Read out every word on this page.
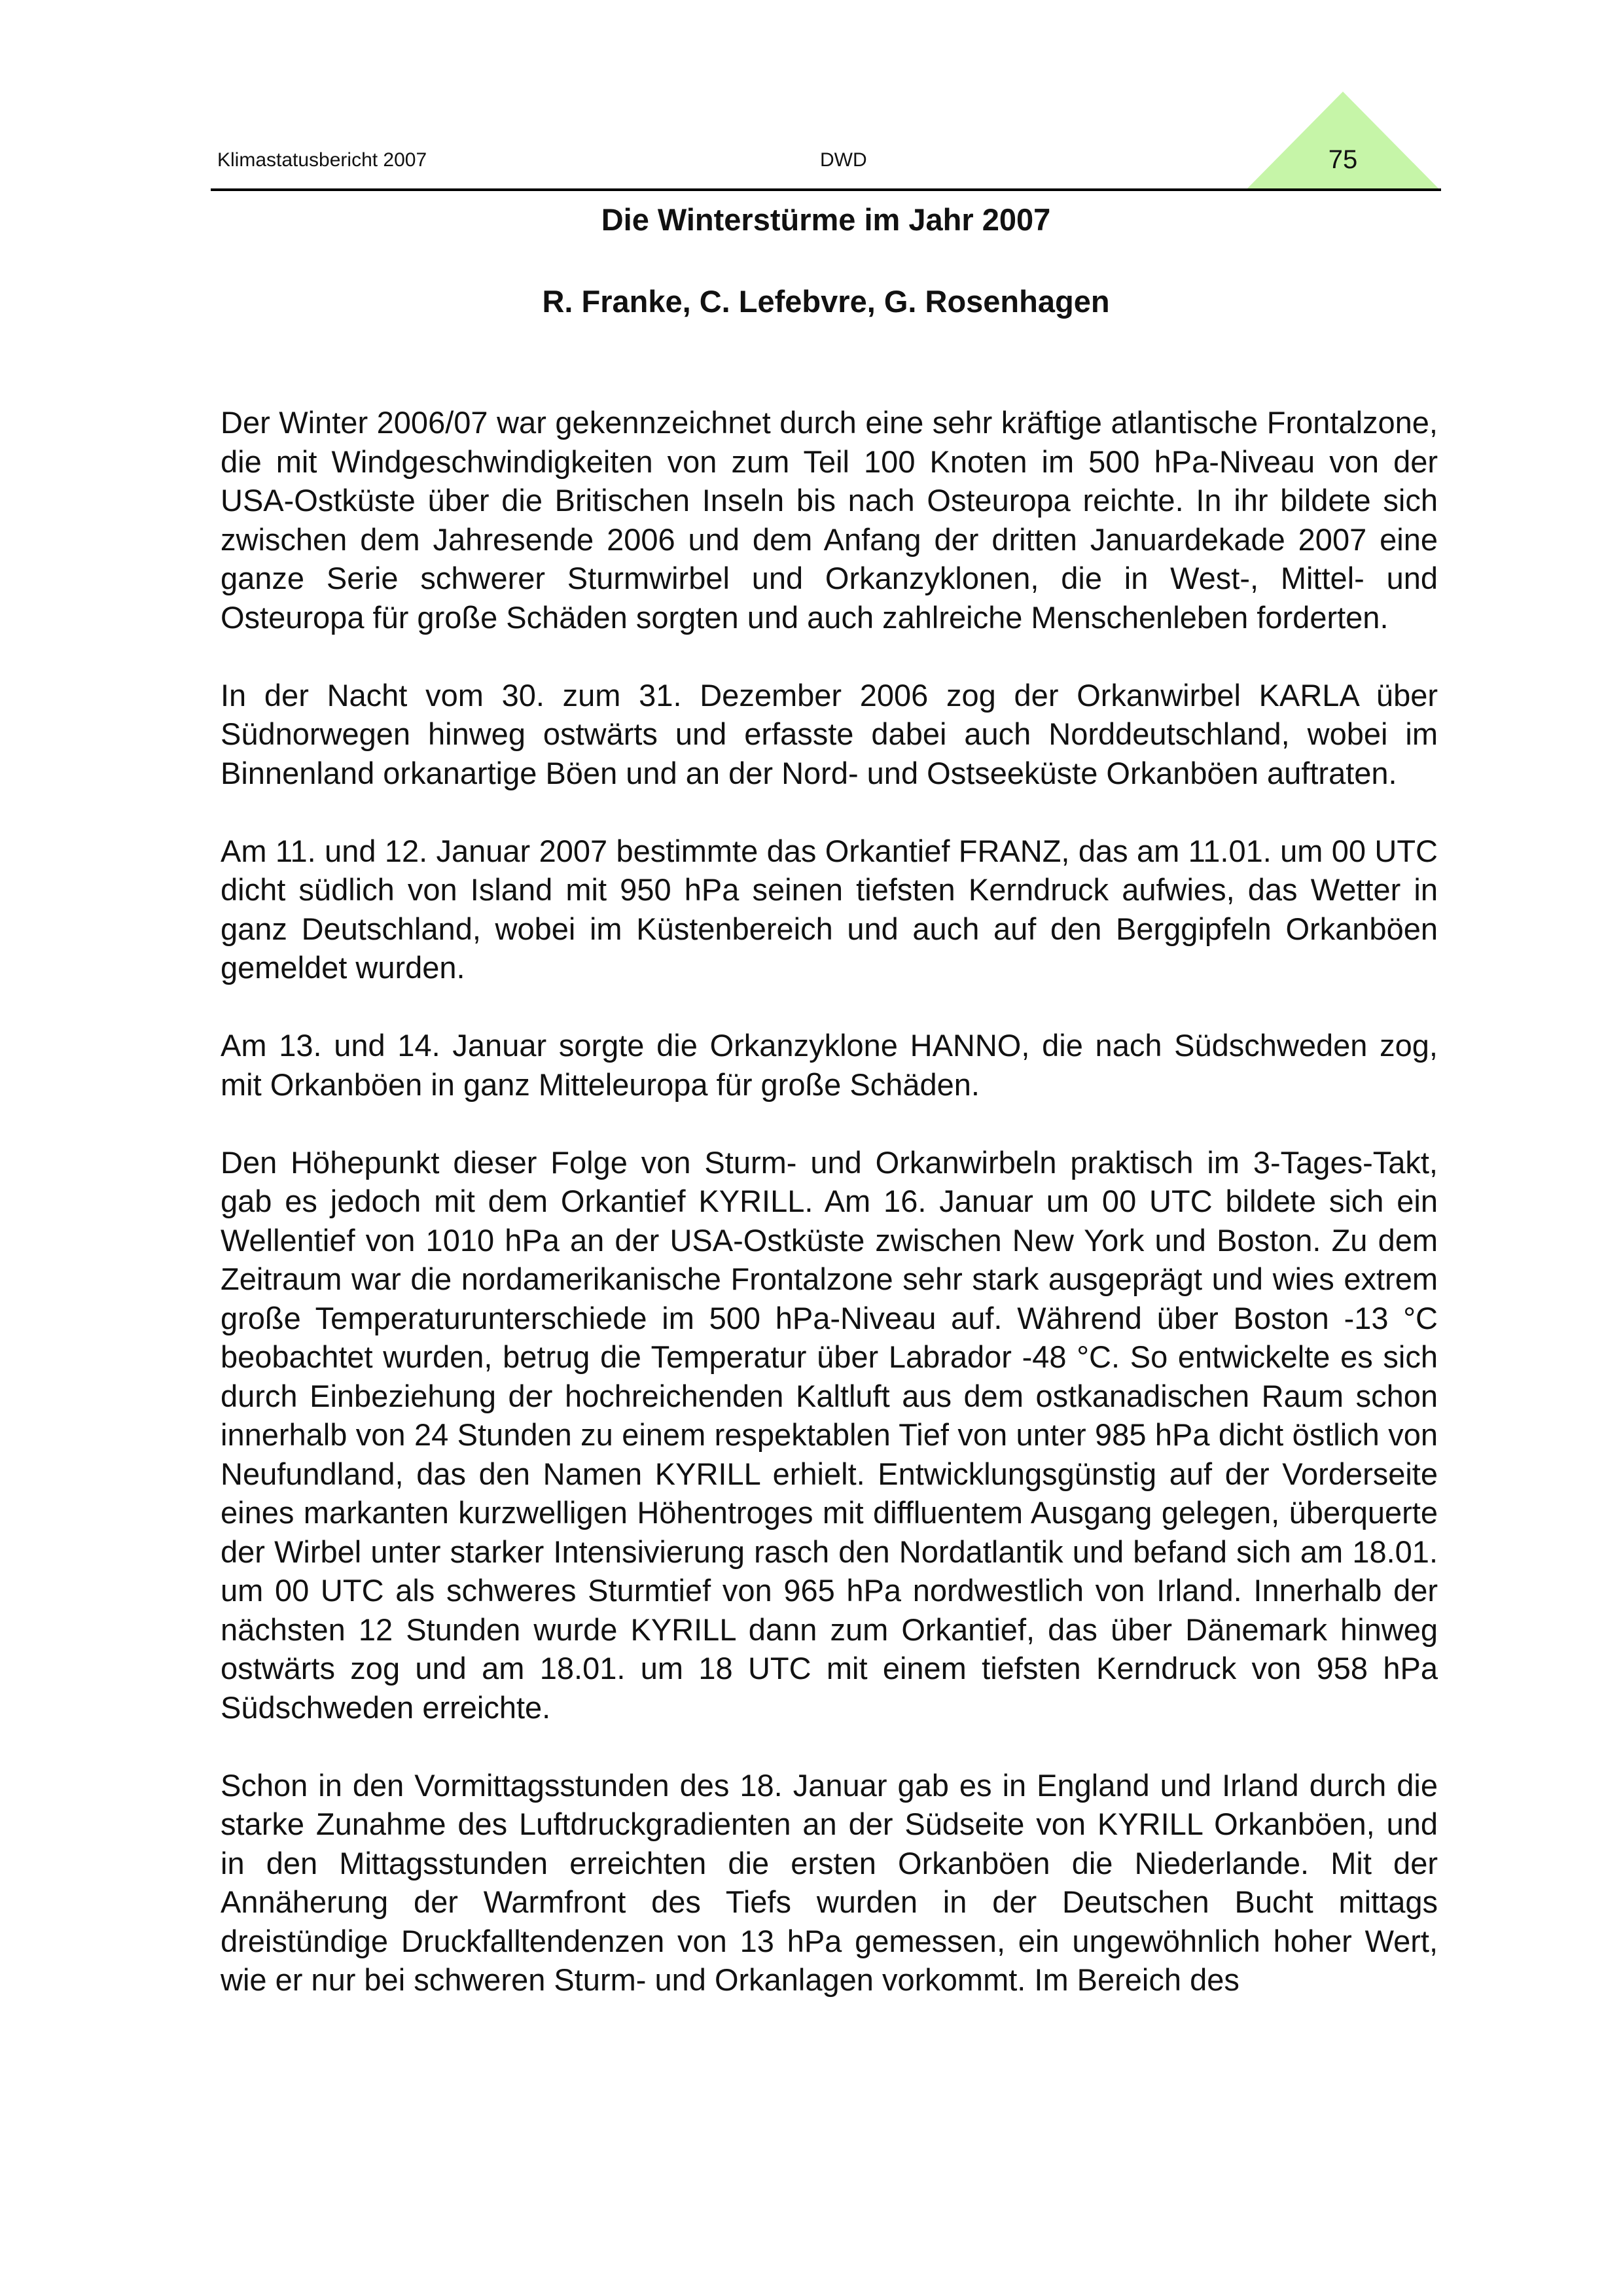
Klimastatusbericht 2007	DWD	75
Die Winterstürme im Jahr 2007
R. Franke, C. Lefebvre, G. Rosenhagen

Der Winter 2006/07 war gekennzeichnet durch eine sehr kräftige atlantische Frontalzone, die mit Windgeschwindigkeiten von zum Teil 100 Knoten im 500 hPa-Niveau von der USA-Ostküste über die Britischen Inseln bis nach Osteuropa reichte. In ihr bildete sich zwischen dem Jahresende 2006 und dem Anfang der dritten Januardekade 2007 eine ganze Serie schwerer Sturmwirbel und Orkanzyklonen, die in West-, Mittel- und Osteuropa für große Schäden sorgten und auch zahlreiche Menschenleben forderten.

In der Nacht vom 30. zum 31. Dezember 2006 zog der Orkanwirbel KARLA über Südnorwegen hinweg ostwärts und erfasste dabei auch Norddeutschland, wobei im Binnenland orkanartige Böen und an der Nord- und Ostseeküste Orkanböen auftraten.

Am 11. und 12. Januar 2007 bestimmte das Orkantief FRANZ, das am 11.01. um 00 UTC dicht südlich von Island mit 950 hPa seinen tiefsten Kerndruck aufwies, das Wetter in ganz Deutschland, wobei im Küstenbereich und auch auf den Berggipfeln Orkanböen gemeldet wurden.

Am 13. und 14. Januar sorgte die Orkanzyklone HANNO, die nach Südschweden zog, mit Orkanböen in ganz Mitteleuropa für große Schäden.

Den Höhepunkt dieser Folge von Sturm- und Orkanwirbeln praktisch im 3-Tages-Takt, gab es jedoch mit dem Orkantief KYRILL. Am 16. Januar um 00 UTC bildete sich ein Wellentief von 1010 hPa an der USA-Ostküste zwischen New York und Boston. Zu dem Zeitraum war die nordamerikanische Frontalzone sehr stark ausgeprägt und wies extrem große Temperaturunterschiede im 500 hPa-Niveau auf. Während über Boston -13 °C beobachtet wurden, betrug die Temperatur über Labrador -48 °C. So entwickelte es sich durch Einbeziehung der hochreichenden Kaltluft aus dem ostkanadischen Raum schon innerhalb von 24 Stunden zu einem respektablen Tief von unter 985 hPa dicht östlich von Neufundland, das den Namen KYRILL erhielt. Entwicklungsgünstig auf der Vorderseite eines markanten kurzwelligen Höhentroges mit diffluentem Ausgang gelegen, überquerte der Wirbel unter starker Intensivierung rasch den Nordatlantik und befand sich am 18.01. um 00 UTC als schweres Sturmtief von 965 hPa nordwestlich von Irland. Innerhalb der nächsten 12 Stunden wurde KYRILL dann zum Orkantief, das über Dänemark hinweg ostwärts zog und am 18.01. um 18 UTC mit einem tiefsten Kerndruck von 958 hPa Südschweden erreichte.

Schon in den Vormittagsstunden des 18. Januar gab es in England und Irland durch die starke Zunahme des Luftdruckgradienten an der Südseite von KYRILL Orkanböen, und in den Mittagsstunden erreichten die ersten Orkanböen die Niederlande. Mit der Annäherung der Warmfront des Tiefs wurden in der Deutschen Bucht mittags dreistündige Druckfalltendenzen von 13 hPa gemessen, ein ungewöhnlich hoher Wert, wie er nur bei schweren Sturm- und Orkanlagen vorkommt. Im Bereich des
